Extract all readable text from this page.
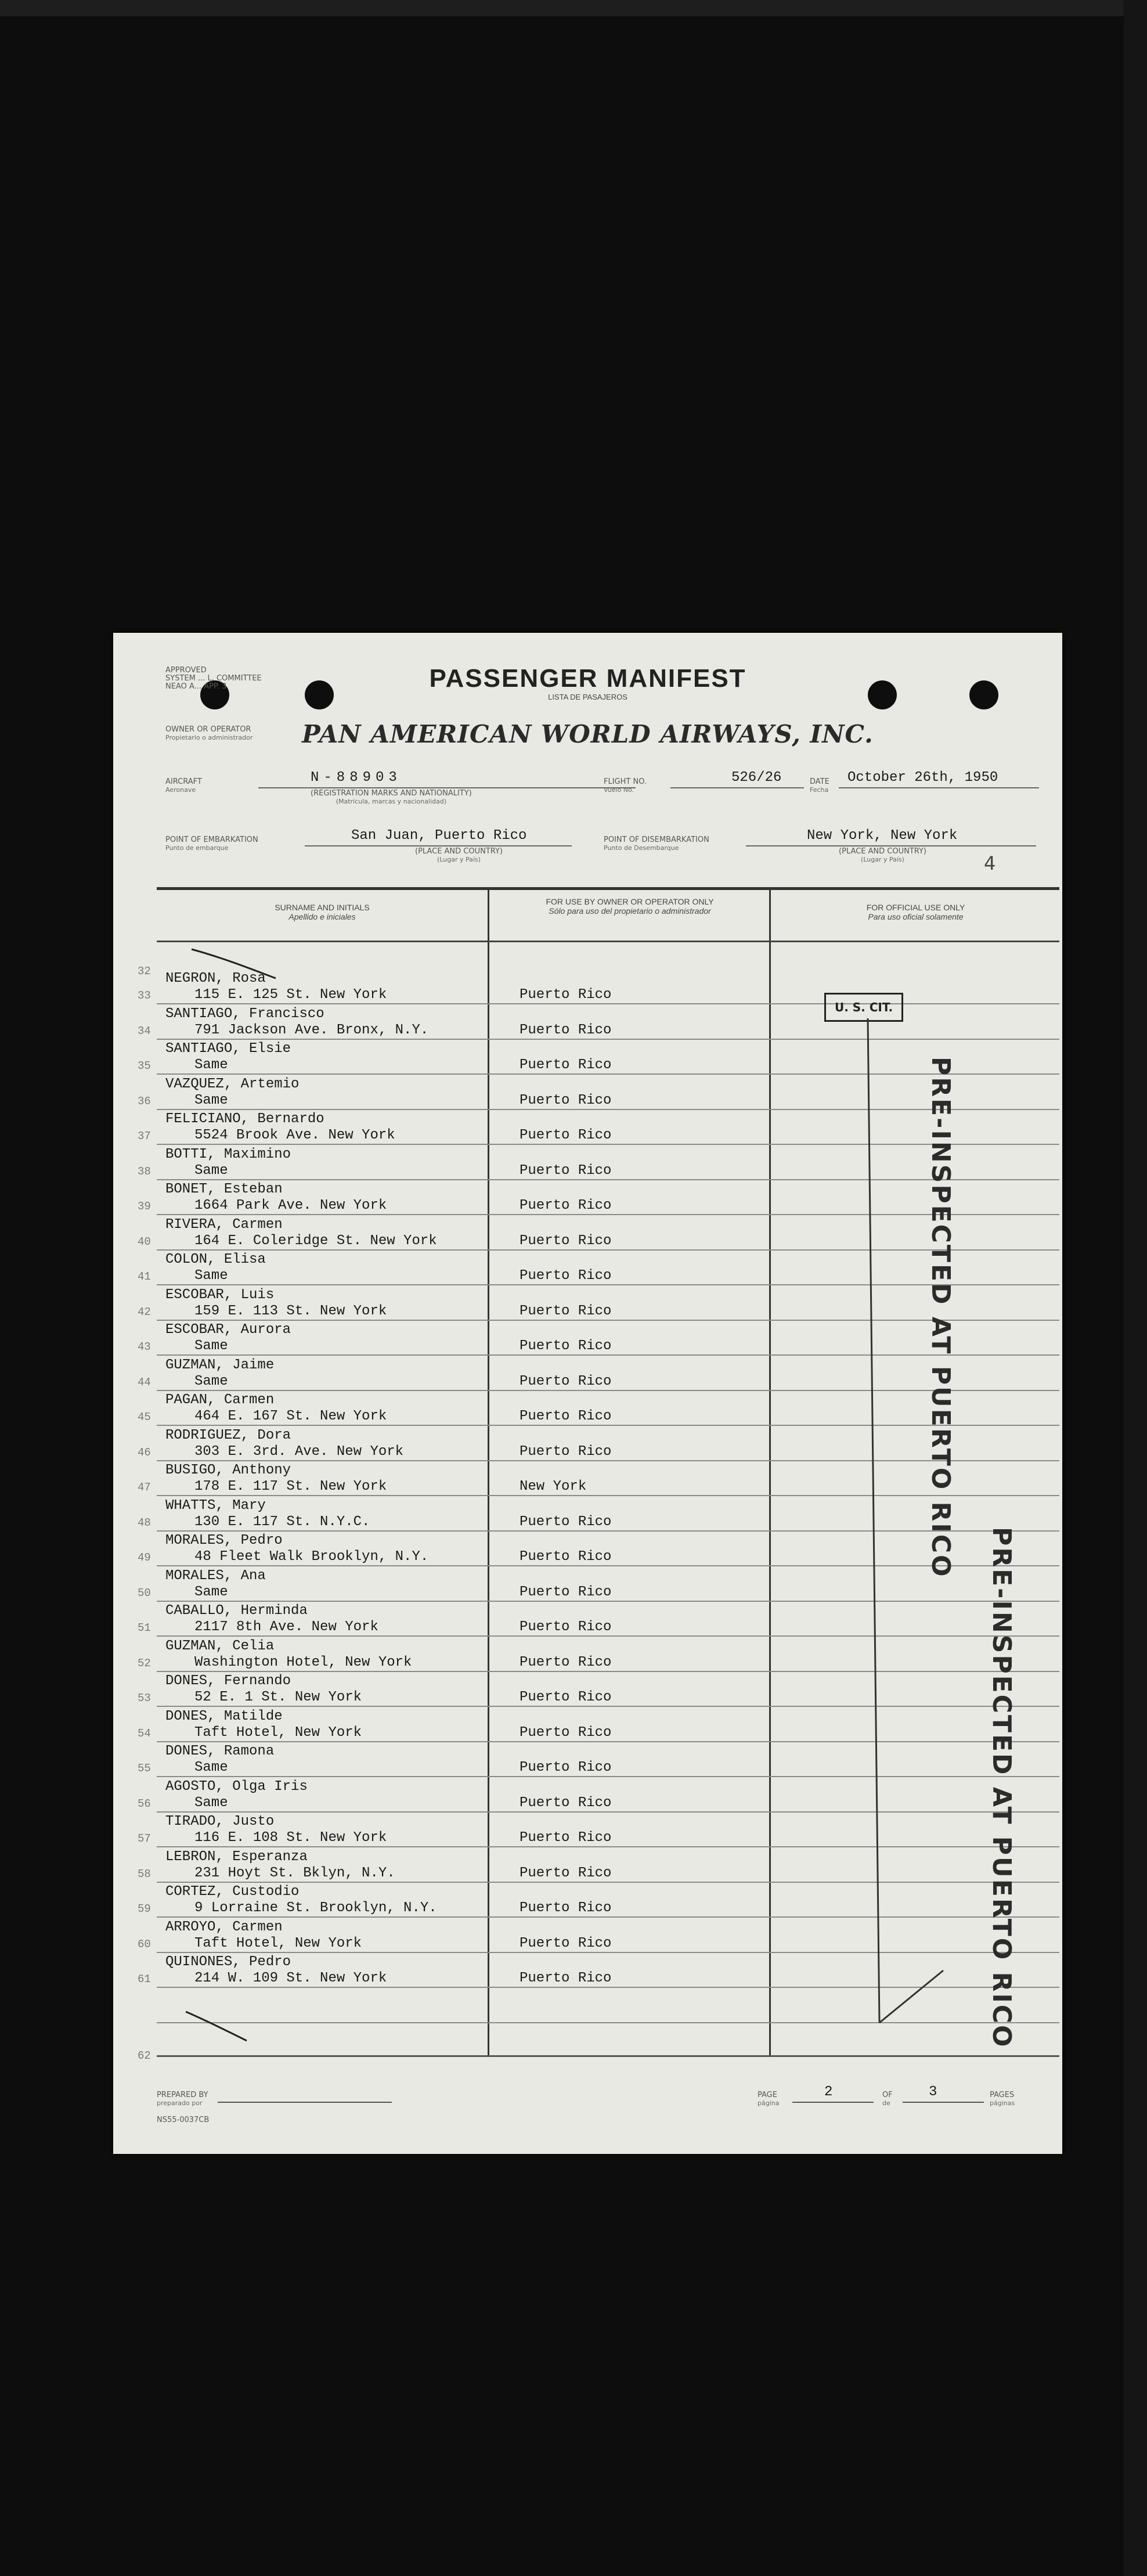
APPROVED
SYSTEM ... L. COMMITTEE
NEAO A... APP. 3	PASSENGER MANIFEST
LISTA DE PASAJEROS
OWNER OR OPERATOR
Propietario o administrador	PAN AMERICAN WORLD AIRWAYS, INC.
AIRCRAFT
Aeronave
N-88903
(REGISTRATION MARKS AND NATIONALITY)
(Matrícula, marcas y nacionalidad)
FLIGHT NO.
Vuelo No.
526/26	DATE
Fecha
October 26th, 1950
POINT OF EMBARKATION
Punto de embarque
San Juan, Puerto Rico
(PLACE AND COUNTRY)
(Lugar y País)
POINT OF DISEMBARKATION
Punto de Desembarque
New York, New York
(PLACE AND COUNTRY)
(Lugar y País)	4
SURNAME AND INITIALS
Apellido e iniciales
FOR USE BY OWNER OR OPERATOR ONLY
Sólo para uso del propietario o administrador	FOR OFFICIAL USE ONLY
Para uso oficial solamente
32
33
NEGRON, Rosa
115 E. 125 St. New York	Puerto Rico
34
SANTIAGO, Francisco
791 Jackson Ave. Bronx, N.Y.	Puerto Rico
35
SANTIAGO, Elsie
Same	Puerto Rico
36
VAZQUEZ, Artemio
Same	Puerto Rico
37
FELICIANO, Bernardo
5524 Brook Ave. New York	Puerto Rico
38
BOTTI, Maximino
Same	Puerto Rico
39
BONET, Esteban
1664 Park Ave. New York	Puerto Rico
40
RIVERA, Carmen
164 E. Coleridge St. New York	Puerto Rico
41
COLON, Elisa
Same	Puerto Rico
42
ESCOBAR, Luis
159 E. 113 St. New York	Puerto Rico
43
ESCOBAR, Aurora
Same	Puerto Rico
44
GUZMAN, Jaime
Same	Puerto Rico
45
PAGAN, Carmen
464 E. 167 St. New York	Puerto Rico
46
RODRIGUEZ, Dora
303 E. 3rd. Ave. New York	Puerto Rico
47
BUSIGO, Anthony
178 E. 117 St. New York	New York
48
WHATTS, Mary
130 E. 117 St. N.Y.C.	Puerto Rico
49
MORALES, Pedro
48 Fleet Walk Brooklyn, N.Y.	Puerto Rico
50
MORALES, Ana
Same	Puerto Rico
51
CABALLO, Herminda
2117 8th Ave. New York	Puerto Rico
52
GUZMAN, Celia
Washington Hotel, New York	Puerto Rico
53
DONES, Fernando
52 E. 1 St. New York	Puerto Rico
54
DONES, Matilde
Taft Hotel, New York	Puerto Rico
55
DONES, Ramona
Same	Puerto Rico
56
AGOSTO, Olga Iris
Same	Puerto Rico
57
TIRADO, Justo
116 E. 108 St. New York	Puerto Rico
58
LEBRON, Esperanza
231 Hoyt St. Bklyn, N.Y.	Puerto Rico
59
CORTEZ, Custodio
9 Lorraine St. Brooklyn, N.Y.	Puerto Rico
60
ARROYO, Carmen
Taft Hotel, New York	Puerto Rico
61
QUINONES, Pedro
214 W. 109 St. New York	Puerto Rico
62
U. S. CIT.
PRE-INSPECTED AT PUERTO RICO
PRE-INSPECTED AT PUERTO RICO
PREPARED BY
preparado por
NS55-0037CB
PAGE
página
2	OF
de
3	PAGES
páginas
